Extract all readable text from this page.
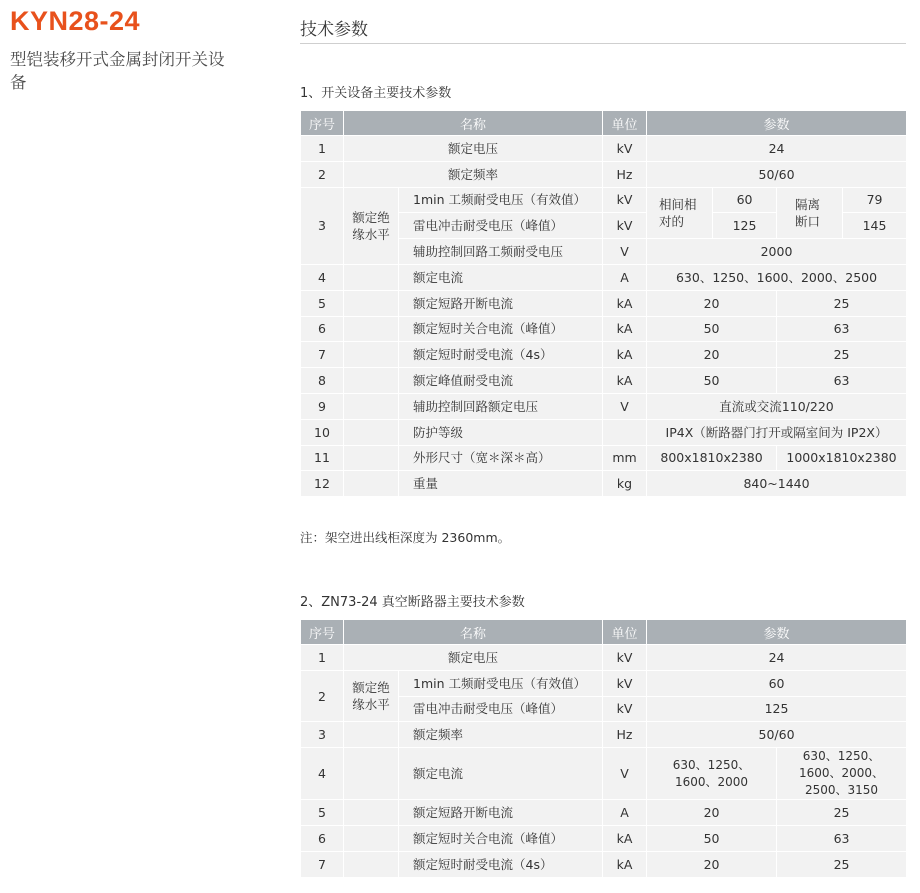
KYN28-24
型铠装移开式金属封闭开关设备
技术参数
1、开关设备主要技术参数
序号	名称		单位	参数			
1	额定电压		kV	24			
2	额定频率		Hz	50/60			
3	额定绝缘水平	1min 工频耐受电压（有效值）	kV	相间相对的	60	隔离断口	79
		雷电冲击耐受电压（峰值）	kV		125		145
		辅助控制回路工频耐受电压	V	2000			
4		额定电流	A	630、1250、1600、2000、2500			
5		额定短路开断电流	kA	20		25	
6		额定短时关合电流（峰值）	kA	50		63	
7		额定短时耐受电流（4s）	kA	20		25	
8		额定峰值耐受电流	kA	50		63	
9		辅助控制回路额定电压	V	直流或交流110/220			
10		防护等级		IP4X（断路器门打开或隔室间为 IP2X）			
11		外形尺寸（宽＊深＊高）	mm	800x1810x2380		1000x1810x2380	
12		重量	kg	840~1440			
注：架空进出线柜深度为 2360mm。
2、ZN73-24 真空断路器主要技术参数
序号	名称		单位	参数	
1	额定电压		kV	24	
2	额定绝缘水平	1min 工频耐受电压（有效值）	kV	60	
		雷电冲击耐受电压（峰值）	kV	125	
3		额定频率	Hz	50/60	
4		额定电流	V	630、1250、1600、2000	630、1250、1600、2000、2500、3150
5		额定短路开断电流	A	20	25
6		额定短时关合电流（峰值）	kA	50	63
7		额定短时耐受电流（4s）	kA	20	25
